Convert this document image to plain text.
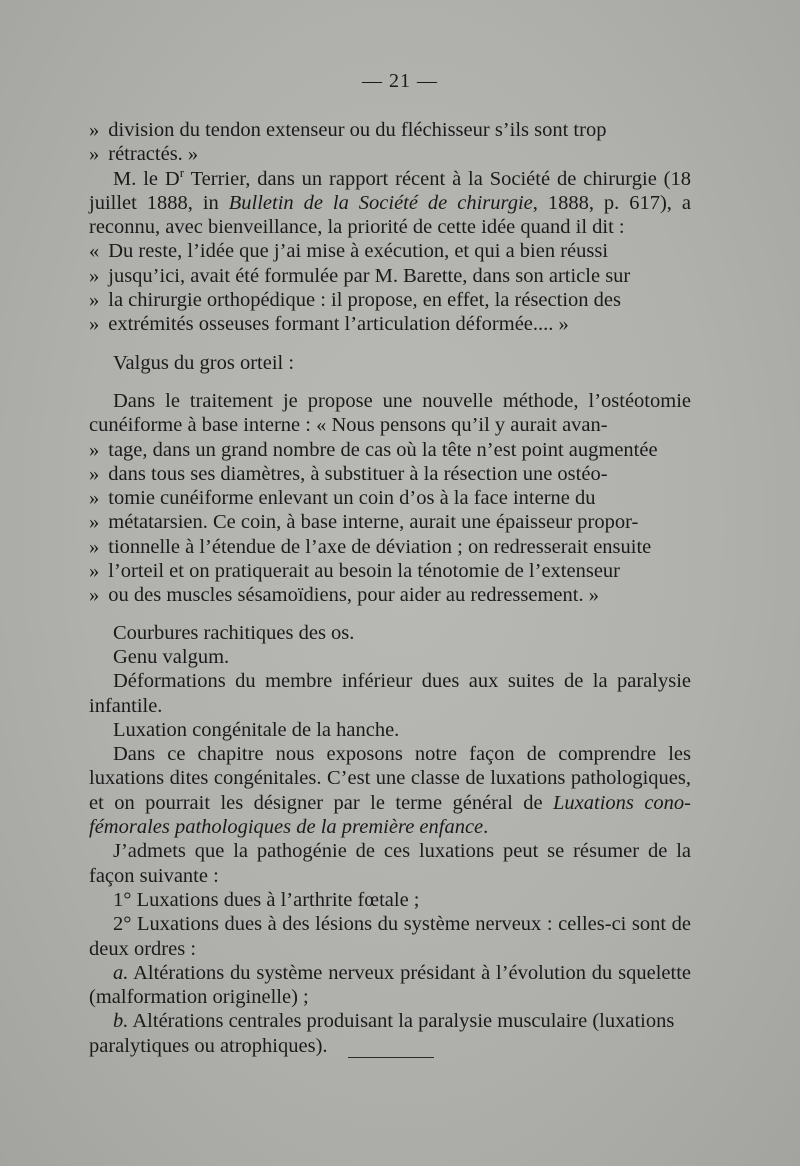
— 21 —

» division du tendon extenseur ou du fléchisseur s’ils sont trop

» rétractés. »

M. le $D^r$ Terrier, dans un rapport récent à la Société de chirurgie (18 juillet 1888, in Bulletin de la Société de chirurgie, 1888, p. 617), a reconnu, avec bienveillance, la priorité de cette idée quand il dit :

« Du reste, l’idée que j’ai mise à exécution, et qui a bien réussi

» jusqu’ici, avait été formulée par M. Barette, dans son article sur

» la chirurgie orthopédique : il propose, en effet, la résection des

» extrémités osseuses formant l’articulation déformée.... »

Valgus du gros orteil :

Dans le traitement je propose une nouvelle méthode, l’ostéotomie cunéiforme à base interne : « Nous pensons qu’il y aurait avan-

» tage, dans un grand nombre de cas où la tête n’est point augmentée

» dans tous ses diamètres, à substituer à la résection une ostéo-

» tomie cunéiforme enlevant un coin d’os à la face interne du

» métatarsien. Ce coin, à base interne, aurait une épaisseur propor-

» tionnelle à l’étendue de l’axe de déviation ; on redresserait ensuite

» l’orteil et on pratiquerait au besoin la ténotomie de l’extenseur

» ou des muscles sésamoïdiens, pour aider au redressement. »

Courbures rachitiques des os.

Genu valgum.

Déformations du membre inférieur dues aux suites de la paralysie infantile.

Luxation congénitale de la hanche.

Dans ce chapitre nous exposons notre façon de comprendre les luxations dites congénitales. C’est une classe de luxations pathologiques, et on pourrait les désigner par le terme général de Luxations cono-fémorales pathologiques de la première enfance.

J’admets que la pathogénie de ces luxations peut se résumer de la façon suivante :

1° Luxations dues à l’arthrite fœtale ;

2° Luxations dues à des lésions du système nerveux : celles-ci sont de deux ordres :

a. Altérations du système nerveux présidant à l’évolution du squelette (malformation originelle) ;

b. Altérations centrales produisant la paralysie musculaire (luxations paralytiques ou atrophiques).
